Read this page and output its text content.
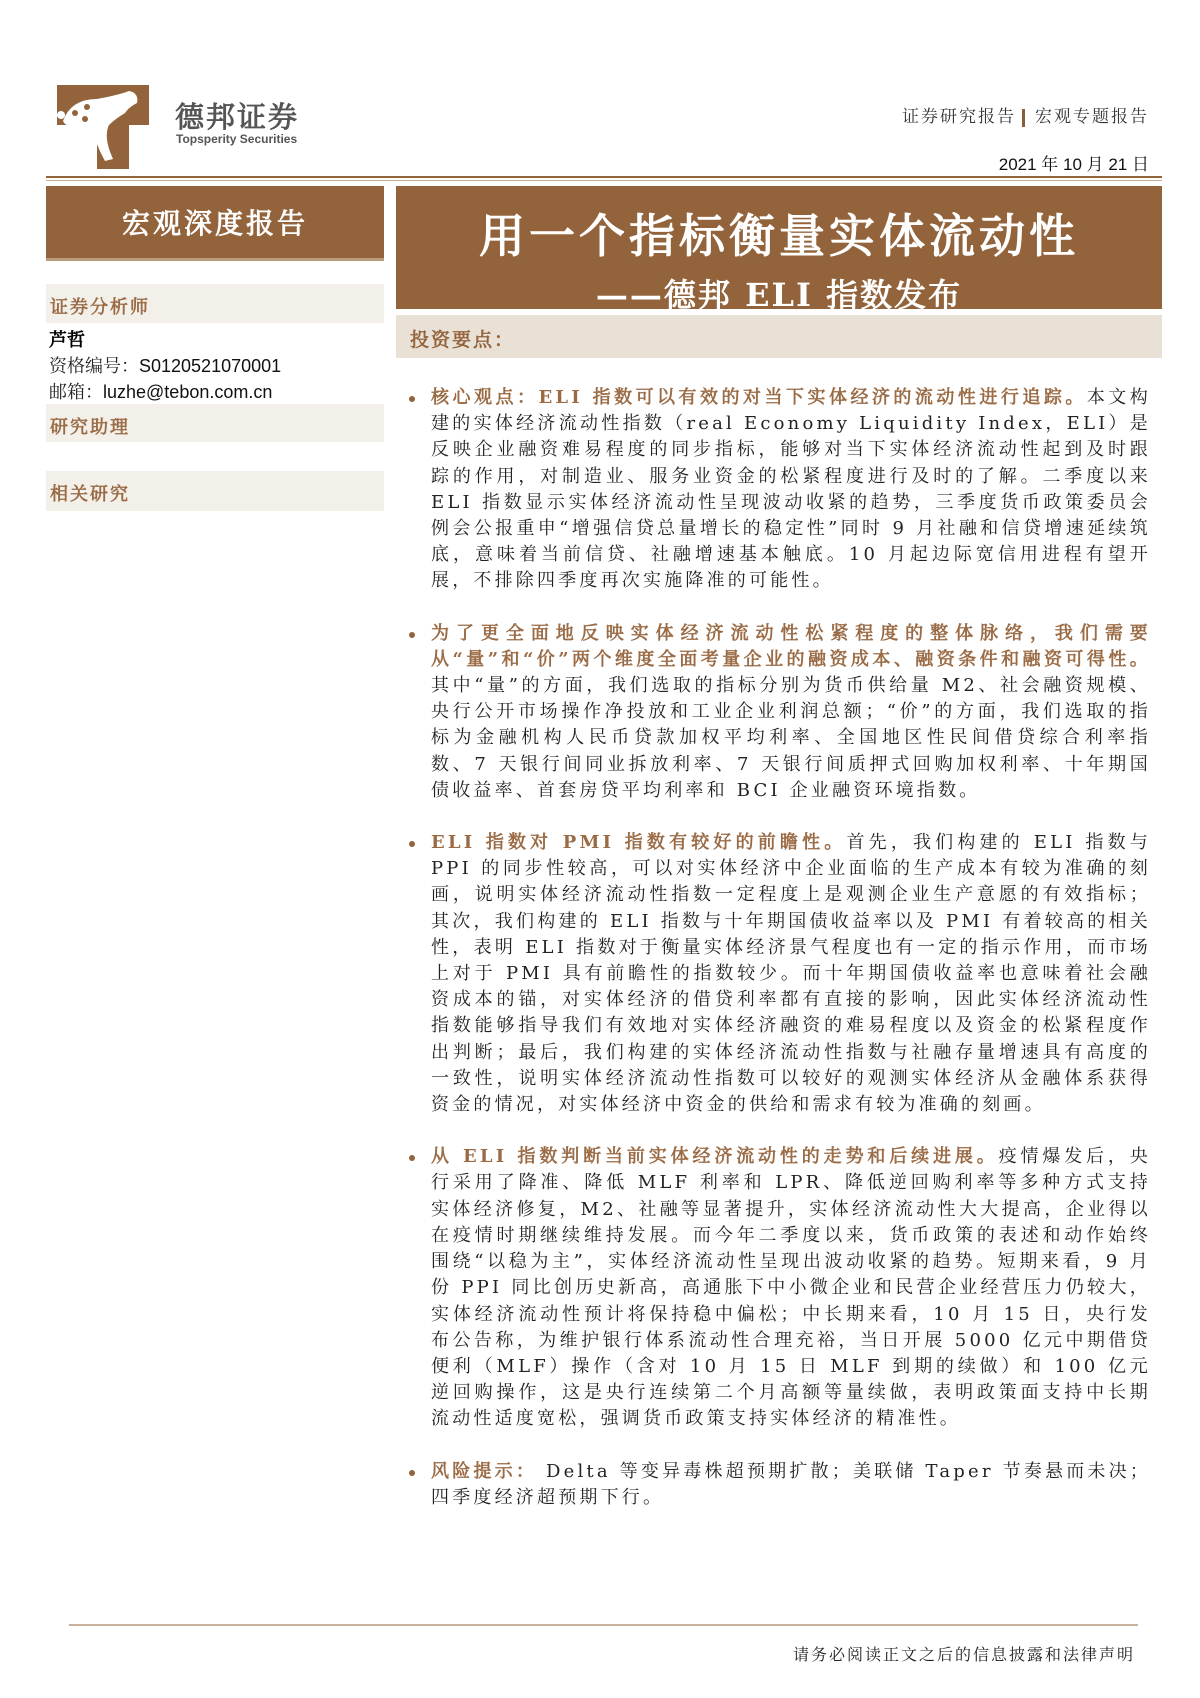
德邦证券
Topsperity Securities
证券研究报告 宏观专题报告
2021 年 10 月 21 日
宏观深度报告
证券分析师
芦哲
资格编号：S0120521070001
邮箱：luzhe@tebon.com.cn
研究助理
相关研究
用一个指标衡量实体流动性
——德邦 ELI 指数发布
投资要点：
核心观点：ELI 指数可以有效的对当下实体经济的流动性进行追踪。本文构建的实体经济流动性指数（real Economy Liquidity Index，ELI）是反映企业融资难易程度的同步指标，能够对当下实体经济流动性起到及时跟踪的作用，对制造业、服务业资金的松紧程度进行及时的了解。二季度以来 ELI 指数显示实体经济流动性呈现波动收紧的趋势，三季度货币政策委员会例会公报重申“增强信贷总量增长的稳定性”同时 9 月社融和信贷增速延续筑底，意味着当前信贷、社融增速基本触底。10 月起边际宽信用进程有望开展，不排除四季度再次实施降准的可能性。
为了更全面地反映实体经济流动性松紧程度的整体脉络，我们需要从“量”和“价”两个维度全面考量企业的融资成本、融资条件和融资可得性。其中“量”的方面，我们选取的指标分别为货币供给量 M2、社会融资规模、央行公开市场操作净投放和工业企业利润总额；“价”的方面，我们选取的指标为金融机构人民币贷款加权平均利率、全国地区性民间借贷综合利率指数、7 天银行间同业拆放利率、7 天银行间质押式回购加权利率、十年期国债收益率、首套房贷平均利率和 BCI 企业融资环境指数。
ELI 指数对 PMI 指数有较好的前瞻性。首先，我们构建的 ELI 指数与 PPI 的同步性较高，可以对实体经济中企业面临的生产成本有较为准确的刻画，说明实体经济流动性指数一定程度上是观测企业生产意愿的有效指标；其次，我们构建的 ELI 指数与十年期国债收益率以及 PMI 有着较高的相关性，表明 ELI 指数对于衡量实体经济景气程度也有一定的指示作用，而市场上对于 PMI 具有前瞻性的指数较少。而十年期国债收益率也意味着社会融资成本的锚，对实体经济的借贷利率都有直接的影响，因此实体经济流动性指数能够指导我们有效地对实体经济融资的难易程度以及资金的松紧程度作出判断；最后，我们构建的实体经济流动性指数与社融存量增速具有高度的一致性，说明实体经济流动性指数可以较好的观测实体经济从金融体系获得资金的情况，对实体经济中资金的供给和需求有较为准确的刻画。
从 ELI 指数判断当前实体经济流动性的走势和后续进展。疫情爆发后，央行采用了降准、降低 MLF 利率和 LPR、降低逆回购利率等多种方式支持实体经济修复，M2、社融等显著提升，实体经济流动性大大提高，企业得以在疫情时期继续维持发展。而今年二季度以来，货币政策的表述和动作始终围绕“以稳为主”，实体经济流动性呈现出波动收紧的趋势。短期来看，9 月份 PPI 同比创历史新高，高通胀下中小微企业和民营企业经营压力仍较大，实体经济流动性预计将保持稳中偏松；中长期来看，10 月 15 日，央行发布公告称，为维护银行体系流动性合理充裕，当日开展 5000 亿元中期借贷便利（MLF）操作（含对 10 月 15 日 MLF 到期的续做）和 100 亿元逆回购操作，这是央行连续第二个月高额等量续做，表明政策面支持中长期流动性适度宽松，强调货币政策支持实体经济的精准性。
风险提示： Delta 等变异毒株超预期扩散；美联储 Taper 节奏悬而未决；四季度经济超预期下行。
请务必阅读正文之后的信息披露和法律声明
